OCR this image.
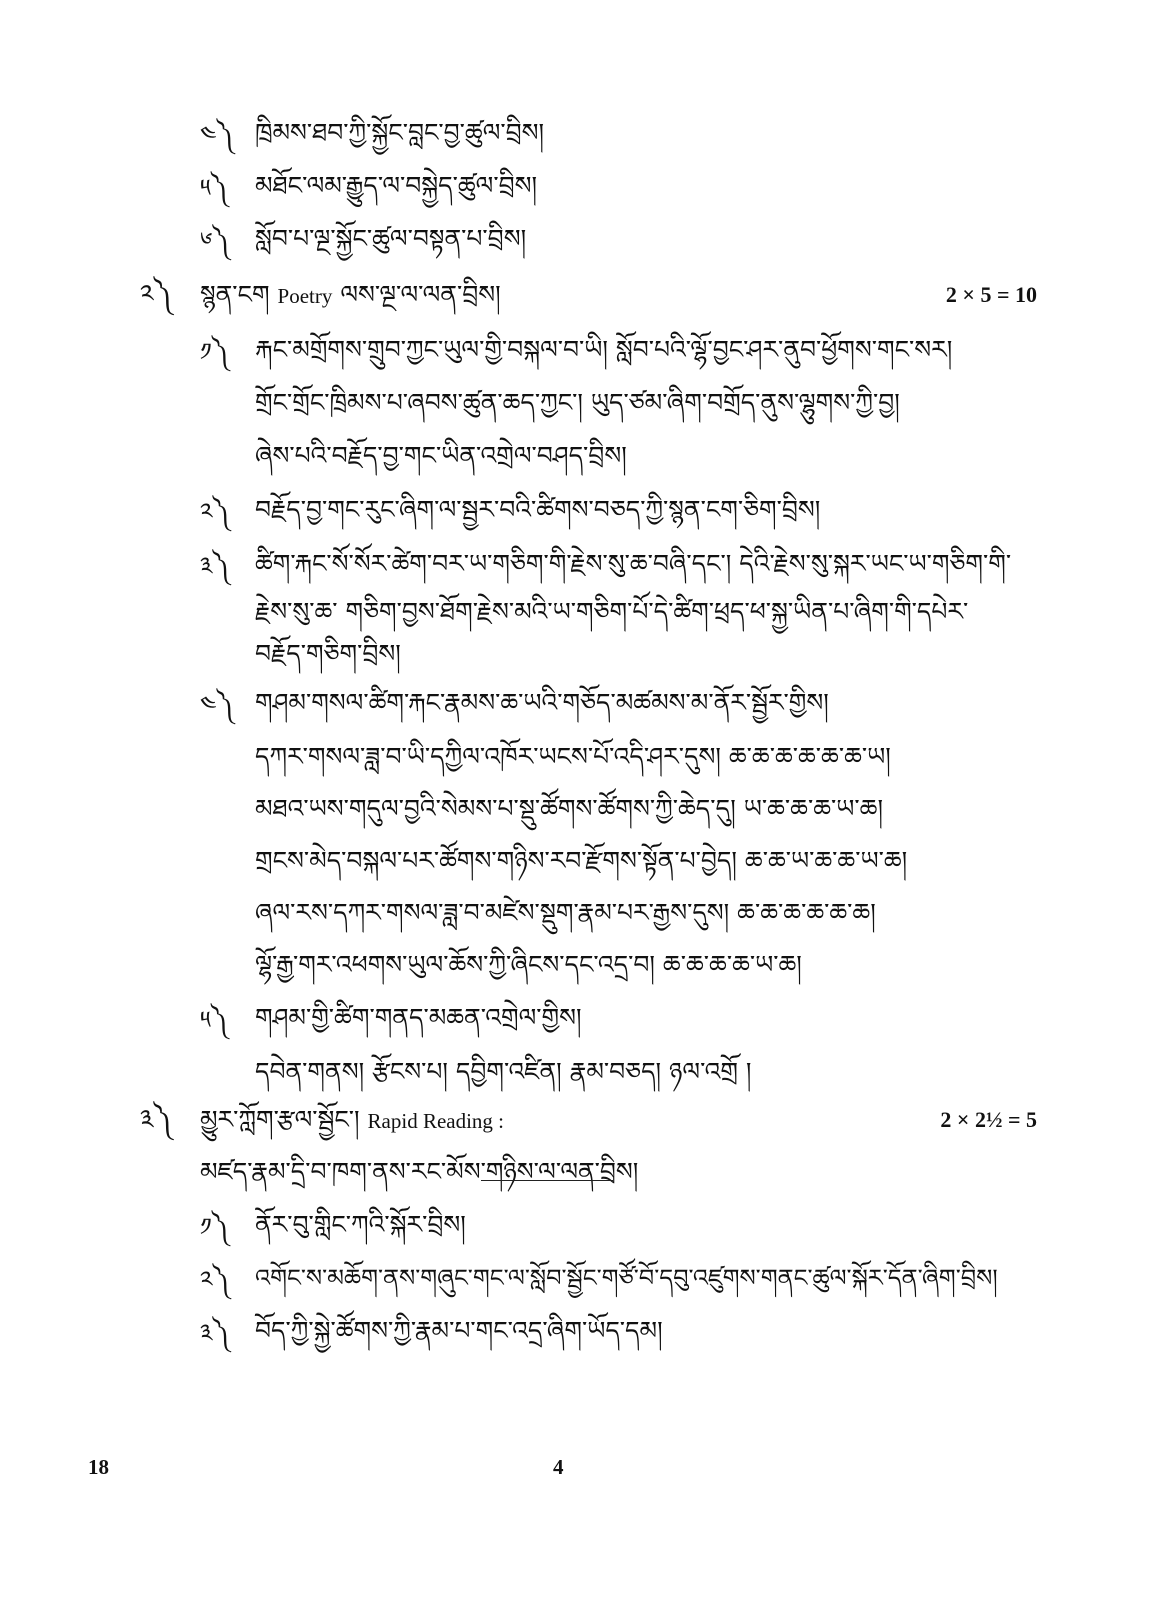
༤༽ ཁྲིམས་ཐབ་ཀྱི་སྐྱོང་བླང་བྱ་ཚུལ་བྲིས།
༥༽ མཐོང་ལམ་རྒྱུད་ལ་བསྐྱེད་ཚུལ་བྲིས།
༦༽ སློབ་པ་ལྔ་སྐྱོང་ཚུལ་བསྟན་པ་བྲིས།
༢༽ སྙན་ངག Poetry ལས་ལྔ་ལ་ལན་བྲིས།	2 × 5 = 10
༡༽ རྐང་མགྲོགས་གྲུབ་ཀྱང་ཡུལ་གྱི་བསྐལ་བ་ཡི། སློབ་པའི་ལྷོ་བྱང་ཤར་ནུབ་ཕྱོགས་གང་སར།
གྲོང་གྲོང་ཁྲིམས་པ་ཞབས་ཚུན་ཆད་ཀྱང་། ཡུད་ཙམ་ཞིག་བགྲོད་ནུས་ལྷུགས་ཀྱི་བྱ།
ཞེས་པའི་བརྗོད་བྱ་གང་ཡིན་འགྲེལ་བཤད་བྲིས།
༢༽ བརྗོད་བྱ་གང་རུང་ཞིག་ལ་སྦྱར་བའི་ཚིགས་བཅད་ཀྱི་སྙན་ངག་ཅིག་བྲིས།
༣༽ ཚིག་རྐང་སོ་སོར་ཚེག་བར་ཡ་གཅིག་གི་རྗེས་སུ་ཆ་བཞི་དང་། དེའི་རྗེས་སུ་སྐར་ཡང་ཡ་གཅིག་གི་
རྗེས་སུ་ཆ་ གཅིག་བྱས་ཐོག་རྗེས་མའི་ཡ་གཅིག་པོ་དེ་ཚིག་ཕྲད་ཕ་སྐྱ་ཡིན་པ་ཞིག་གི་དཔེར་
བརྗོད་གཅིག་བྲིས།
༤༽ གཤམ་གསལ་ཚིག་རྐང་རྣམས་ཆ་ཡའི་གཅོད་མཚམས་མ་ནོར་སྦྱོར་གྱིས།
དཀར་གསལ་ཟླ་བ་ཡི་དཀྱིལ་འཁོར་ཡངས་པོ་འདི་ཤར་དུས། ཆ་ཆ་ཆ་ཆ་ཆ་ཆ་ཡ།
མཐའ་ཡས་གདུལ་བྱའི་སེམས་པ་སྡུ་ཚོགས་ཚོགས་ཀྱི་ཆེད་དུ། ཡ་ཆ་ཆ་ཆ་ཡ་ཆ།
གྲངས་མེད་བསྐལ་པར་ཚོགས་གཉིས་རབ་རྫོགས་སྟོན་པ་བྱེད། ཆ་ཆ་ཡ་ཆ་ཆ་ཡ་ཆ།
ཞལ་རས་དཀར་གསལ་ཟླ་བ་མཛེས་སྡུག་རྣམ་པར་རྒྱས་དུས། ཆ་ཆ་ཆ་ཆ་ཆ་ཆ།
ལྷོ་རྒྱ་གར་འཕགས་ཡུལ་ཆོས་ཀྱི་ཞིངས་དང་འདྲ་བ། ཆ་ཆ་ཆ་ཆ་ཡ་ཆ།
༥༽ གཤམ་གྱི་ཚིག་གནད་མཆན་འགྲེལ་གྱིས།
དབེན་གནས། རྩོངས་པ། དབྱིག་འཛིན། རྣམ་བཅད། ཉལ་འགྲོ །
༣༽ མྱུར་ཀློག་རྩལ་སྦྱོང་། Rapid Reading :	2 × 2½ = 5
མཛད་རྣམ་དྲི་བ་ཁག་ནས་རང་མོས་གཉིས་ལ་ལན་བྲིས།
༡༽ ནོར་བུ་གླིང་ཀའི་སྐོར་བྲིས།
༢༽ འགོང་ས་མཆོག་ནས་གཞུང་གང་ལ་སློབ་སྦྱོང་གཙོ་བོ་དབུ་འཛུགས་གནང་ཚུལ་སྐོར་དོན་ཞིག་བྲིས།
༣༽ བོད་ཀྱི་སྐྱེ་ཚོགས་ཀྱི་རྣམ་པ་གང་འདྲ་ཞིག་ཡོད་དམ།
18	4
